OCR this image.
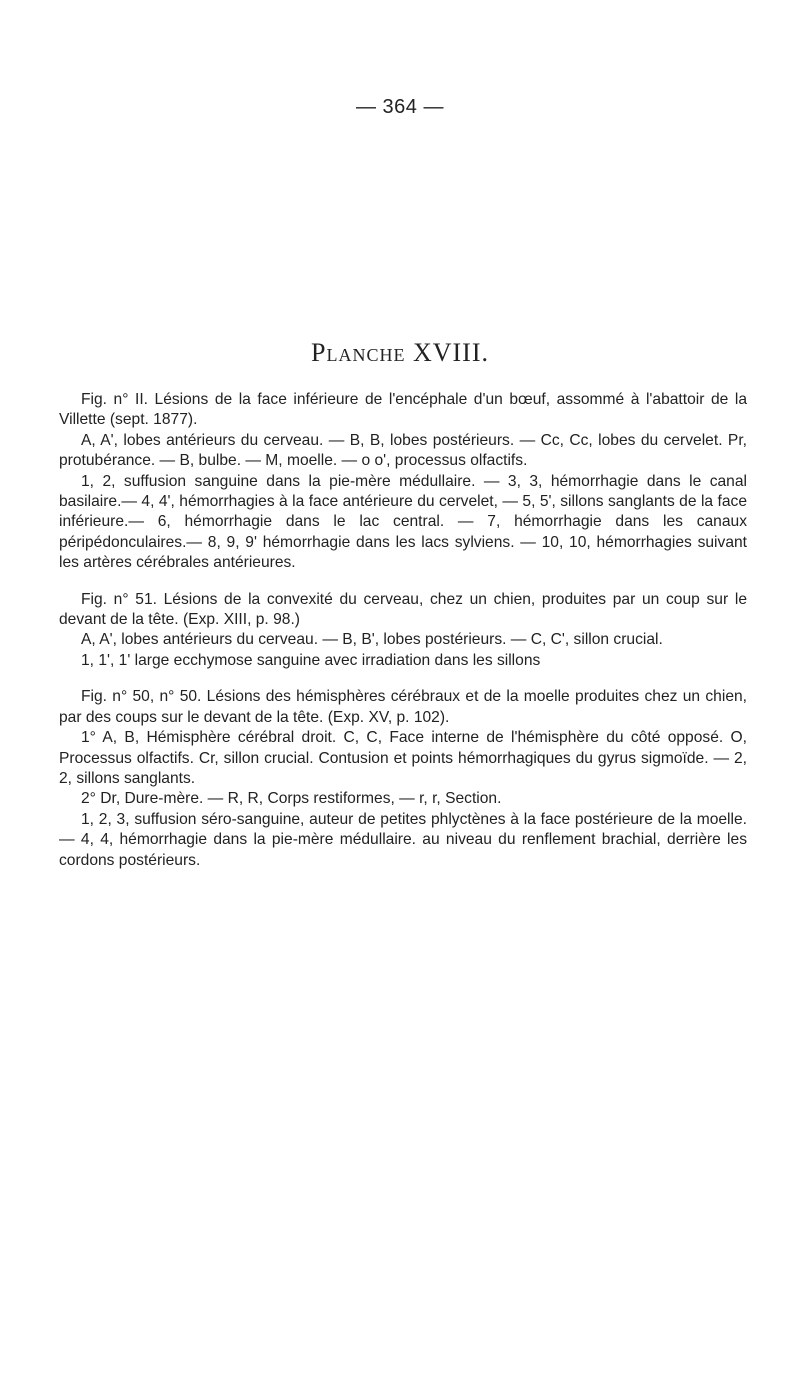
— 364 —
Planche XVIII.

Fig. n° II. Lésions de la face inférieure de l'encéphale d'un bœuf, assommé à l'abattoir de la Villette (sept. 1877).

A, A', lobes antérieurs du cerveau. — B, B, lobes postérieurs. — Cc, Cc, lobes du cervelet. Pr, protubérance. — B, bulbe. — M, moelle. — o o', processus olfactifs.

1, 2, suffusion sanguine dans la pie-mère médullaire. — 3, 3, hémorrhagie dans le canal basilaire.— 4, 4', hémorrhagies à la face antérieure du cervelet, — 5, 5', sillons sanglants de la face inférieure.— 6, hémorrhagie dans le lac central. — 7, hémorrhagie dans les canaux péripédonculaires.— 8, 9, 9' hémorrhagie dans les lacs sylviens. — 10, 10, hémorrhagies suivant les artères cérébrales antérieures.

Fig. n° 51. Lésions de la convexité du cerveau, chez un chien, produites par un coup sur le devant de la tête. (Exp. XIII, p. 98.)

A, A', lobes antérieurs du cerveau. — B, B', lobes postérieurs. — C, C', sillon crucial.

1, 1', 1' large ecchymose sanguine avec irradiation dans les sillons

Fig. n° 50, n° 50. Lésions des hémisphères cérébraux et de la moelle produites chez un chien, par des coups sur le devant de la tête. (Exp. XV, p. 102).

1° A, B, Hémisphère cérébral droit. C, C, Face interne de l'hémisphère du côté opposé. O, Processus olfactifs. Cr, sillon crucial. Contusion et points hémorrhagiques du gyrus sigmoïde. — 2, 2, sillons sanglants.

2° Dr, Dure-mère. — R, R, Corps restiformes, — r, r, Section.

1, 2, 3, suffusion séro-sanguine, auteur de petites phlyctènes à la face postérieure de la moelle. — 4, 4, hémorrhagie dans la pie-mère médullaire. au niveau du renflement brachial, derrière les cordons postérieurs.
